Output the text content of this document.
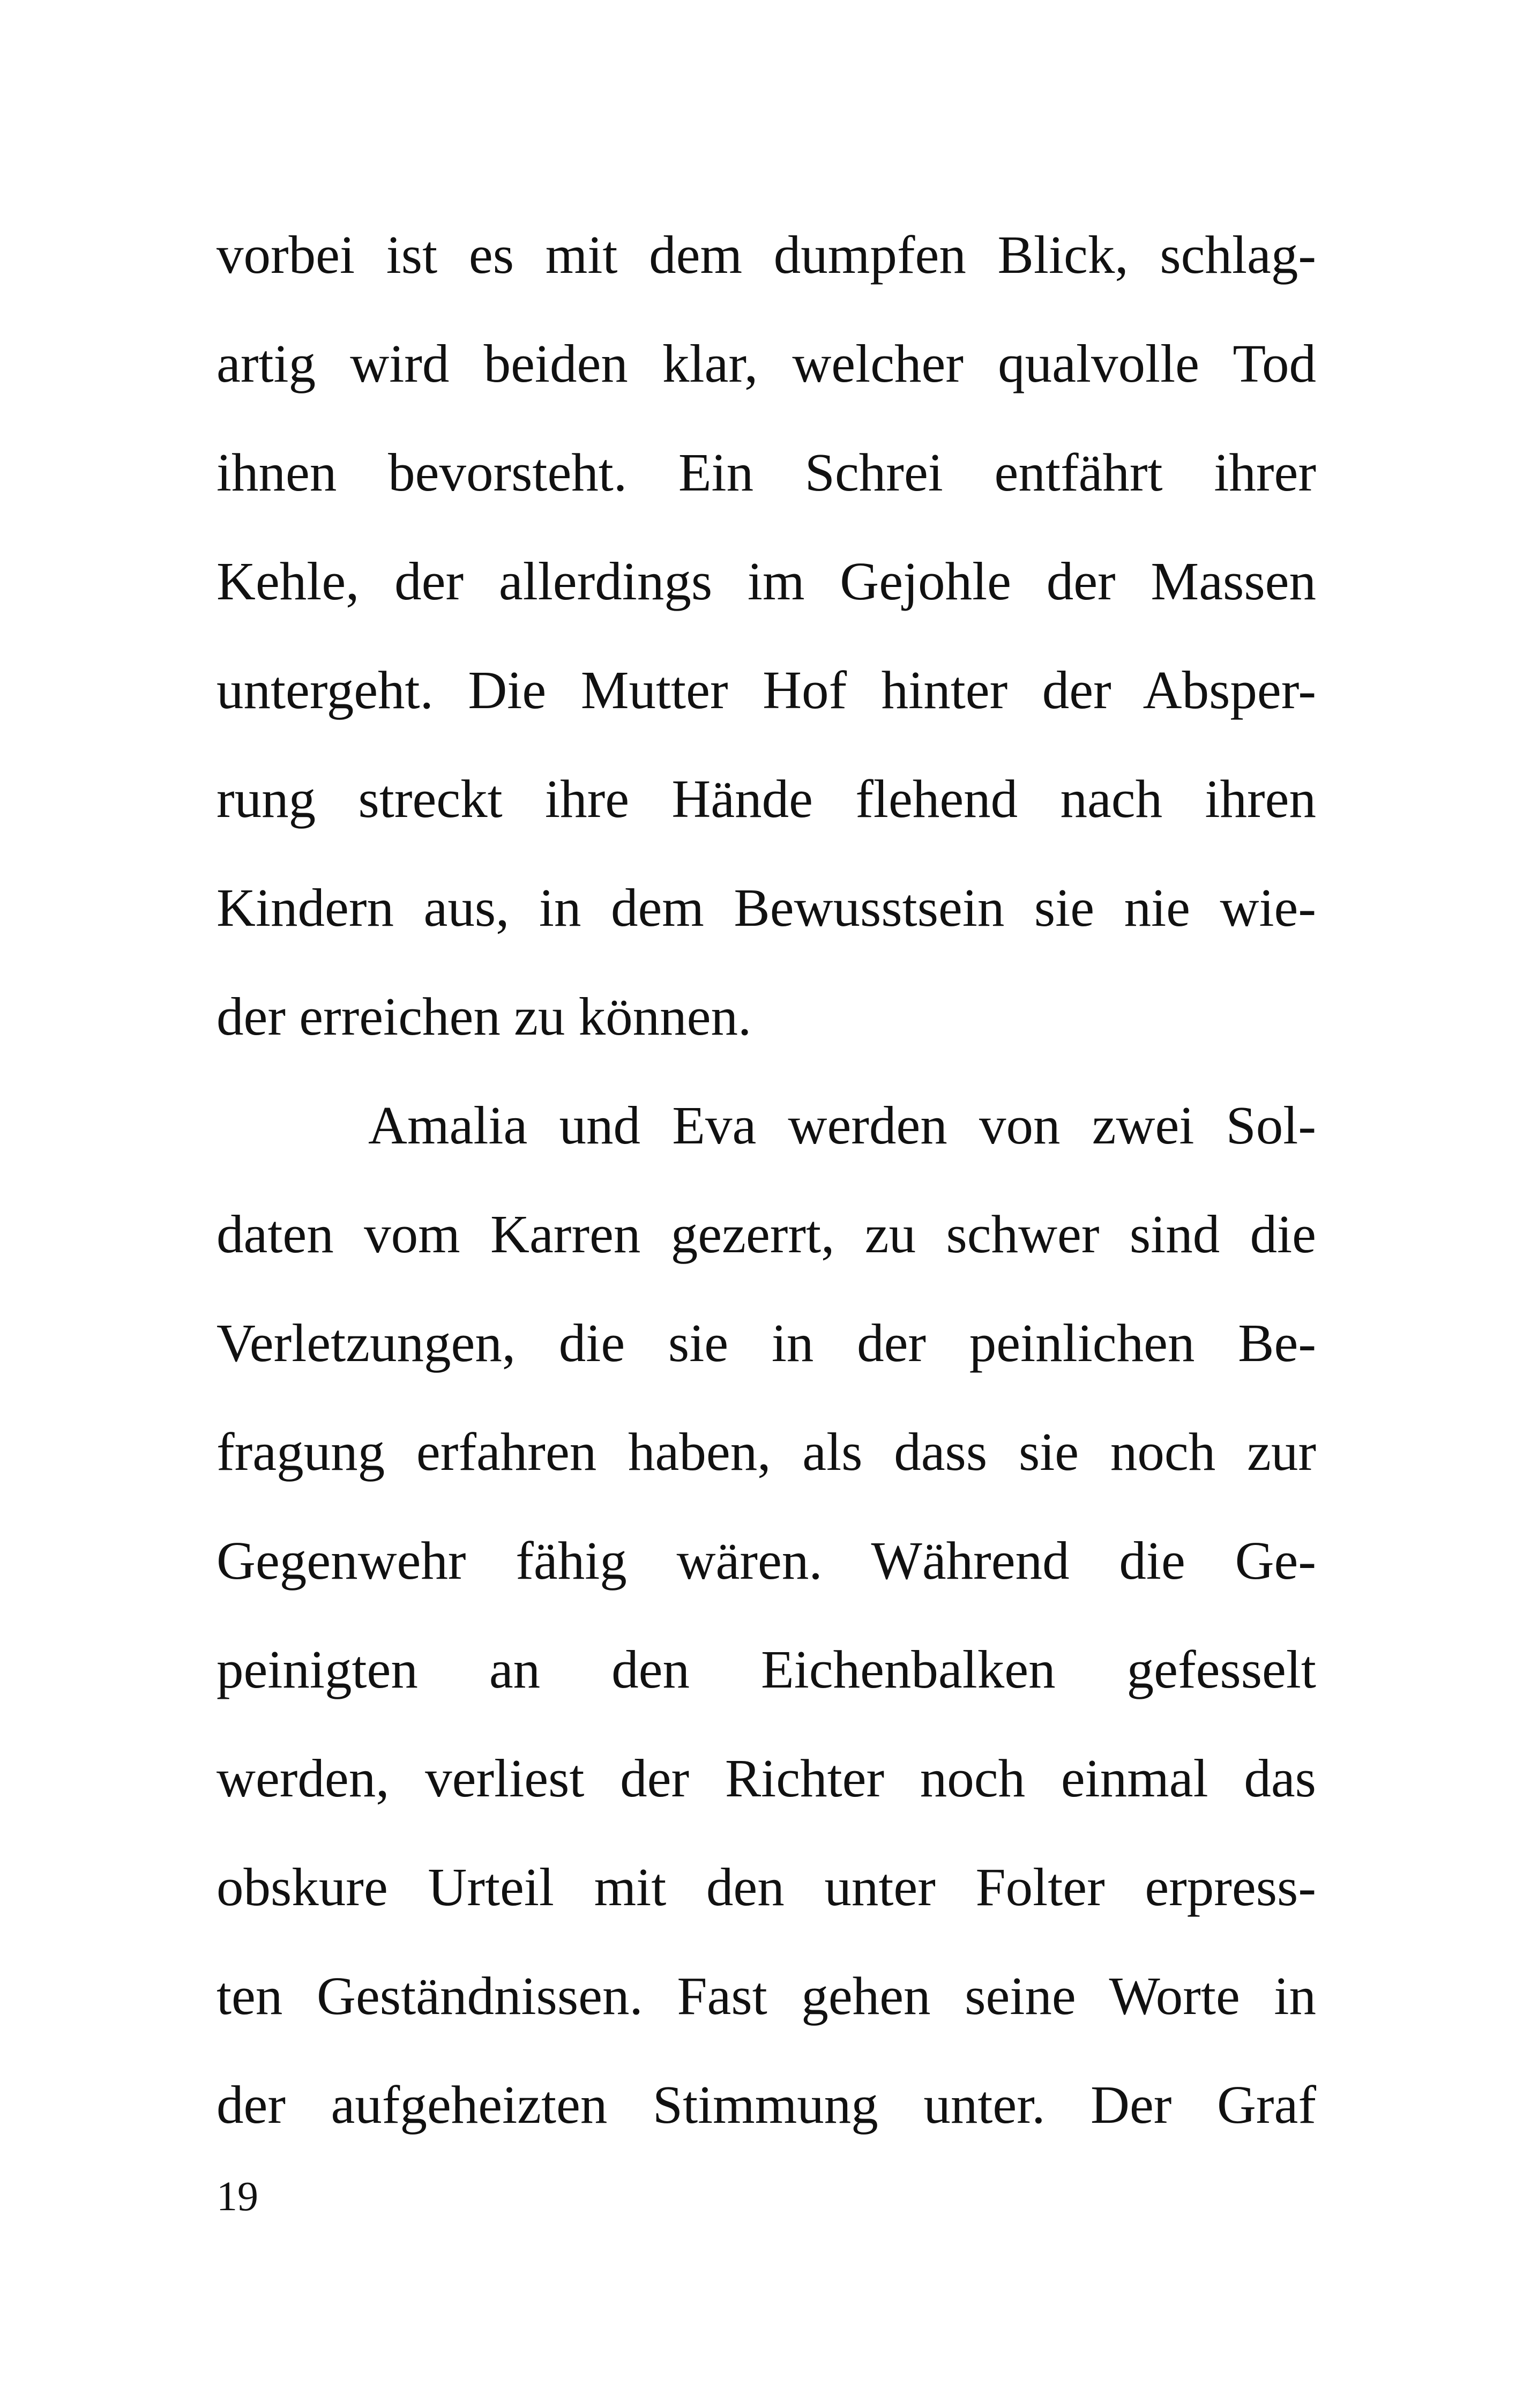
vorbei ist es mit dem dumpfen Blick, schlag-
artig wird beiden klar, welcher qualvolle Tod
ihnen bevorsteht. Ein Schrei entfährt ihrer
Kehle, der allerdings im Gejohle der Massen
untergeht. Die Mutter Hof hinter der Absper-
rung streckt ihre Hände flehend nach ihren
Kindern aus, in dem Bewusstsein sie nie wie-
der erreichen zu können.
Amalia und Eva werden von zwei Sol-
daten vom Karren gezerrt, zu schwer sind die
Verletzungen, die sie in der peinlichen Be-
fragung erfahren haben, als dass sie noch zur
Gegenwehr fähig wären. Während die Ge-
peinigten an den Eichenbalken gefesselt
werden, verliest der Richter noch einmal das
obskure Urteil mit den unter Folter erpress-
ten Geständnissen. Fast gehen seine Worte in
der aufgeheizten Stimmung unter. Der Graf
19
